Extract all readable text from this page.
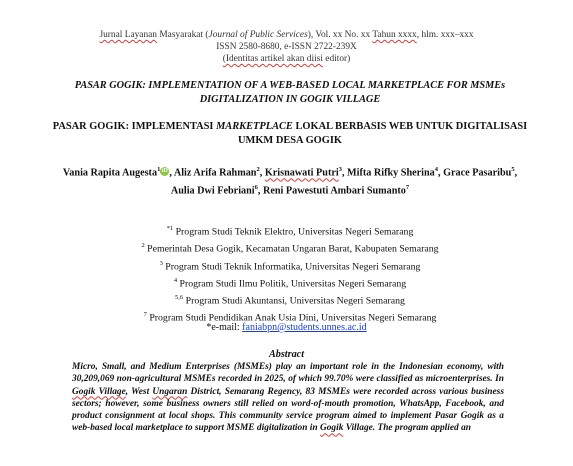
Jurnal Layanan Masyarakat (Journal of Public Services), Vol. xx No. xx Tahun xxxx, hlm. xxx–xxx
ISSN 2580-8680, e-ISSN 2722-239X
(Identitas artikel akan diisi editor)
PASAR GOGIK: IMPLEMENTATION OF A WEB-BASED LOCAL MARKETPLACE FOR MSMEs DIGITALIZATION IN GOGIK VILLAGE
PASAR GOGIK: IMPLEMENTASI MARKETPLACE LOKAL BERBASIS WEB UNTUK DIGITALISASI UMKM DESA GOGIK
Vania Rapita Augesta$^1$ iD , Aliz Arifa Rahman$^2$, Krisnawati Putri$^3$, Mifta Rifky Sherina$^4$, Grace Pasaribu$^5$, Aulia Dwi Febriani$^6$, Reni Pawestuti Ambari Sumanto$^7$
$^{*1}$ Program Studi Teknik Elektro, Universitas Negeri Semarang
$^2$ Pemerintah Desa Gogik, Kecamatan Ungaran Barat, Kabupaten Semarang
$^3$ Program Studi Teknik Informatika, Universitas Negeri Semarang
$^4$ Program Studi Ilmu Politik, Universitas Negeri Semarang
$^{5,6}$ Program Studi Akuntansi, Universitas Negeri Semarang
$^7$ Program Studi Pendidikan Anak Usia Dini, Universitas Negeri Semarang
*e-mail: faniabpn@students.unnes.ac.id
Abstract
Micro, Small, and Medium Enterprises (MSMEs) play an important role in the Indonesian economy, with 30,209,069 non-agricultural MSMEs recorded in 2025, of which 99.70% were classified as microenterprises. In Gogik Village, West Ungaran District, Semarang Regency, 83 MSMEs were recorded across various business sectors; however, some business owners still relied on word-of-mouth promotion, WhatsApp, Facebook, and product consignment at local shops. This community service program aimed to implement Pasar Gogik as a web-based local marketplace to support MSME digitalization in Gogik Village. The program applied an
